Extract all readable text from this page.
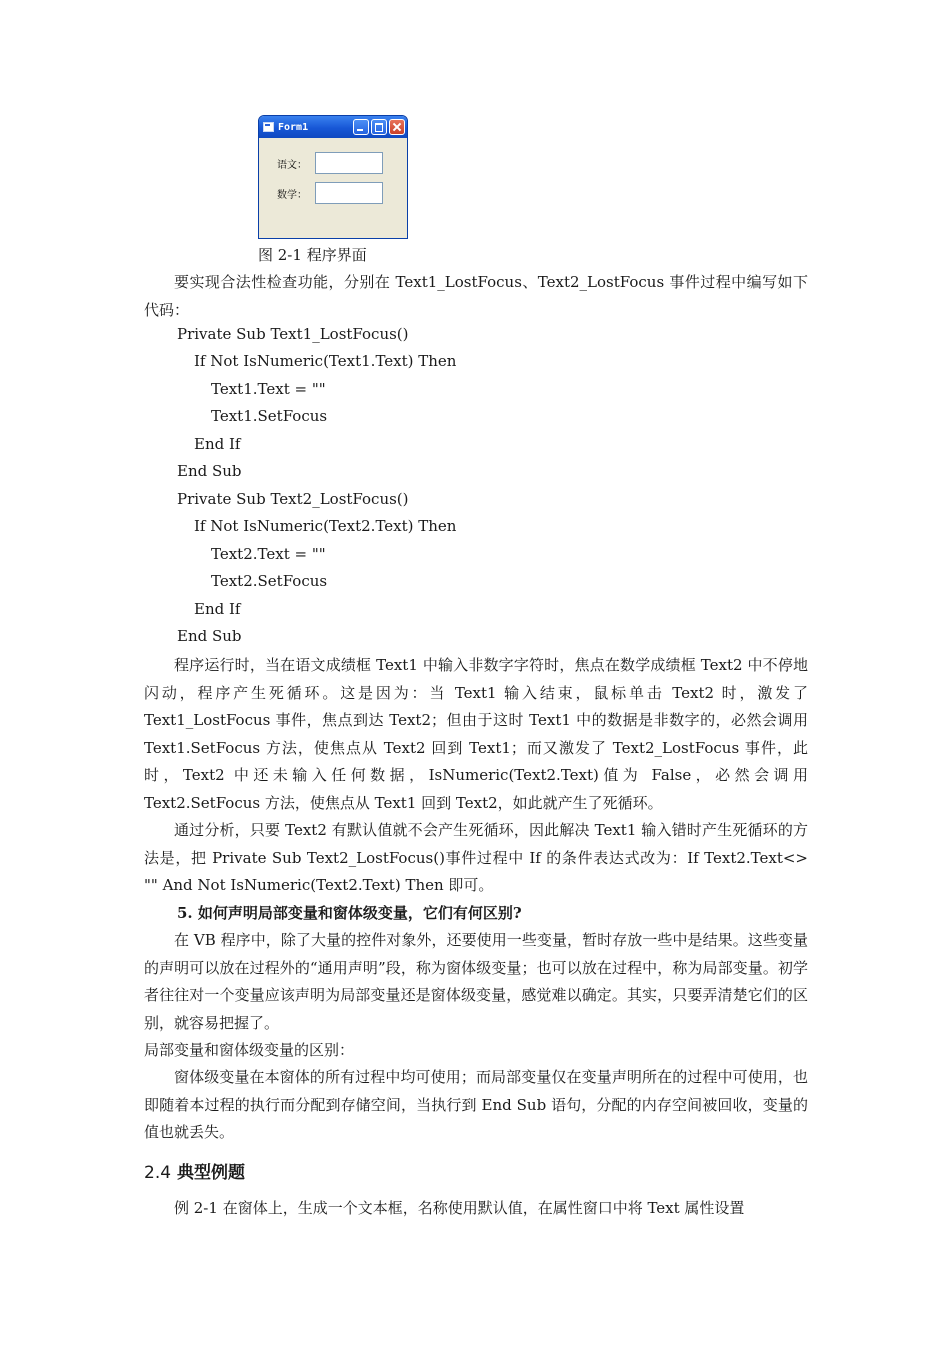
Form1
语文：
数学：
图 2-1 程序界面

要实现合法性检查功能，分别在 Text1_LostFocus、Text2_LostFocus 事件过程中编写如下代码：

Private Sub Text1_LostFocus()
If Not IsNumeric(Text1.Text) Then
Text1.Text = ""
Text1.SetFocus
End If
End Sub
Private Sub Text2_LostFocus()
If Not IsNumeric(Text2.Text) Then
Text2.Text = ""
Text2.SetFocus
End If
End Sub

程序运行时，当在语文成绩框 Text1 中输入非数字字符时，焦点在数学成绩框 Text2 中不停地闪动，程序产生死循环。这是因为：当 Text1 输入结束，鼠标单击 Text2 时，激发了 Text1_LostFocus 事件，焦点到达 Text2；但由于这时 Text1 中的数据是非数字的，必然会调用 Text1.SetFocus 方法，使焦点从 Text2 回到 Text1；而又激发了 Text2_LostFocus 事件，此时，Text2 中还未输入任何数据，IsNumeric(Text2.Text)值为 False，必然会调用 Text2.SetFocus 方法，使焦点从 Text1 回到 Text2，如此就产生了死循环。

通过分析，只要 Text2 有默认值就不会产生死循环，因此解决 Text1 输入错时产生死循环的方法是，把 Private Sub Text2_LostFocus()事件过程中 If 的条件表达式改为：If Text2.Text<> "" And Not IsNumeric(Text2.Text) Then 即可。

5. 如何声明局部变量和窗体级变量，它们有何区别?

在 VB 程序中，除了大量的控件对象外，还要使用一些变量，暂时存放一些中是结果。这些变量的声明可以放在过程外的“通用声明”段，称为窗体级变量；也可以放在过程中，称为局部变量。初学者往往对一个变量应该声明为局部变量还是窗体级变量，感觉难以确定。其实，只要弄清楚它们的区别，就容易把握了。

局部变量和窗体级变量的区别：

窗体级变量在本窗体的所有过程中均可使用；而局部变量仅在变量声明所在的过程中可使用，也即随着本过程的执行而分配到存储空间，当执行到 End Sub 语句，分配的内存空间被回收，变量的值也就丢失。

2.4 典型例题

例 2-1 在窗体上，生成一个文本框，名称使用默认值，在属性窗口中将 Text 属性设置
